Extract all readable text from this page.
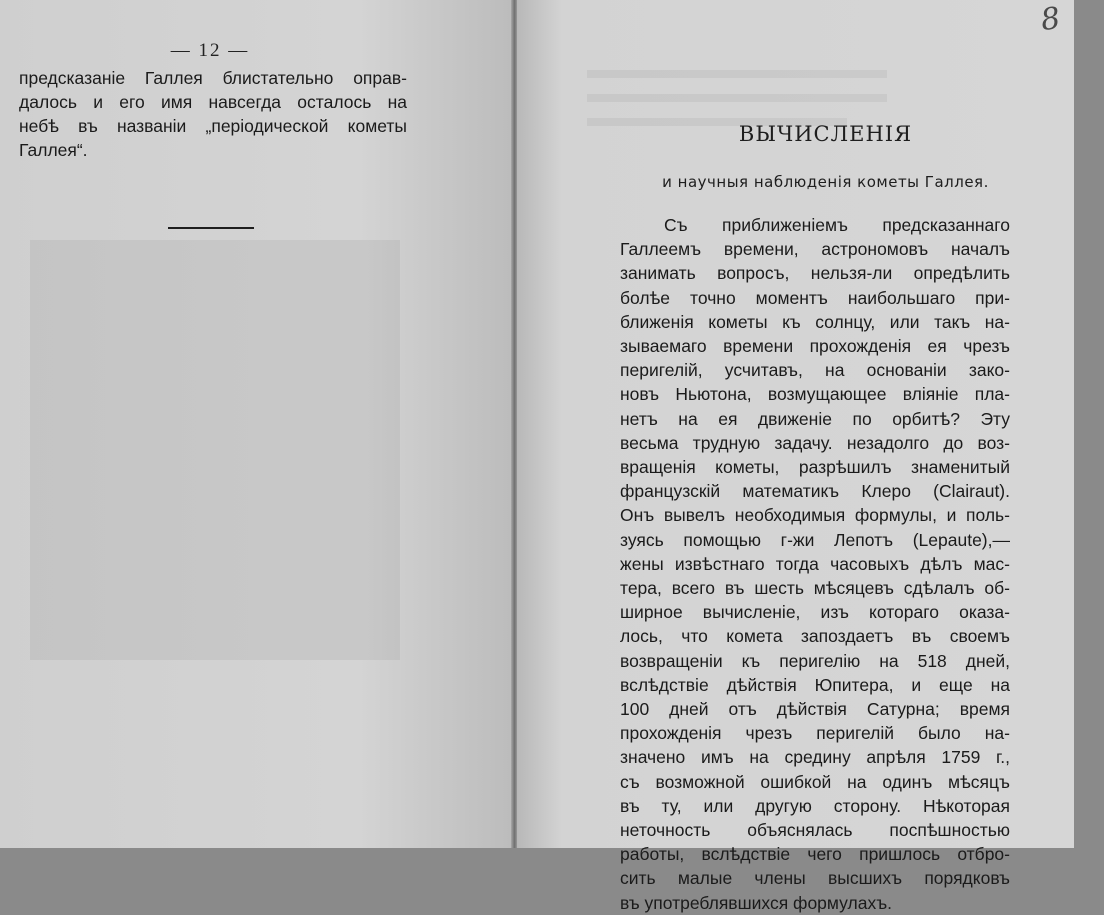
— 12 —
предсказаніе Галлея блистательно оправ-
далось и его имя навсегда осталось на
небѣ въ названіи „періодической кометы
Галлея“.
8
ВЫЧИСЛЕНІЯ
и научныя наблюденія кометы Галлея.
Съ приближеніемъ предсказаннаго
Галлеемъ времени, астрономовъ началъ
занимать вопросъ, нельзя-ли опредѣлить
болѣе точно моментъ наибольшаго при-
ближенія кометы къ солнцу, или такъ на-
зываемаго времени прохожденія ея чрезъ
перигелій, усчитавъ, на основаніи зако-
новъ Ньютона, возмущающее вліяніе пла-
нетъ на ея движеніе по орбитѣ? Эту
весьма трудную задачу. незадолго до воз-
вращенія кометы, разрѣшилъ знаменитый
французскій математикъ Клеро (Clairaut).
Онъ вывелъ необходимыя формулы, и поль-
зуясь помощью г-жи Лепотъ (Lepaute),—
жены извѣстнаго тогда часовыхъ дѣлъ мас-
тера, всего въ шесть мѣсяцевъ сдѣлалъ об-
ширное вычисленіе, изъ котораго оказа-
лось, что комета запоздаетъ въ своемъ
возвращеніи къ перигелію на 518 дней,
вслѣдствіе дѣйствія Юпитера, и еще на
100 дней отъ дѣйствія Сатурна; время
прохожденія чрезъ перигелій было на-
значено имъ на средину апрѣля 1759 г.,
съ возможной ошибкой на одинъ мѣсяцъ
въ ту, или другую сторону. Нѣкоторая
неточность объяснялась поспѣшностью
работы, вслѣдствіе чего пришлось отбро-
сить малые члены высшихъ порядковъ
въ употреблявшихся формулахъ.
